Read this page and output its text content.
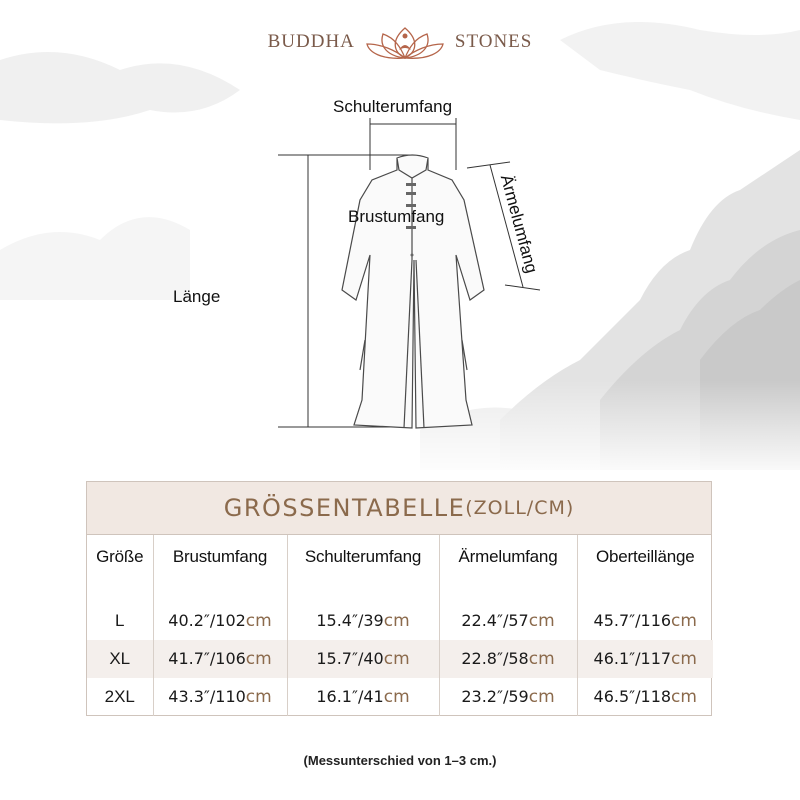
BUDDHA	STONES
Schulterumfang
Brustumfang
Länge
Ärmelumfang
GRÖSSENTABELLE (ZOLL/CM)
Größe	Brustumfang	Schulterumfang	Ärmelumfang	Oberteillänge

L	40.2″/102cm	15.4″/39cm	22.4″/57cm	45.7″/116cm
XL	41.7″/106cm	15.7″/40cm	22.8″/58cm	46.1″/117cm
2XL	43.3″/110cm	16.1″/41cm	23.2″/59cm	46.5″/118cm
(Messunterschied von 1–3 cm.)
